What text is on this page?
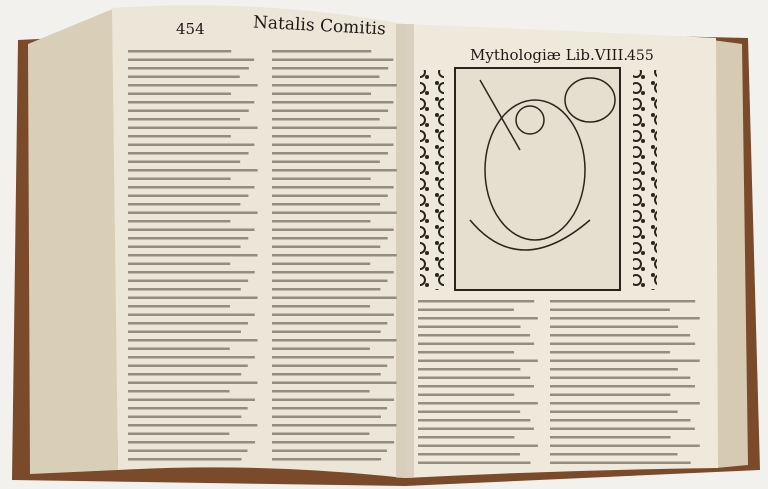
454	Natalis Comitis
Mythologiæ Lib.VIII.
455
